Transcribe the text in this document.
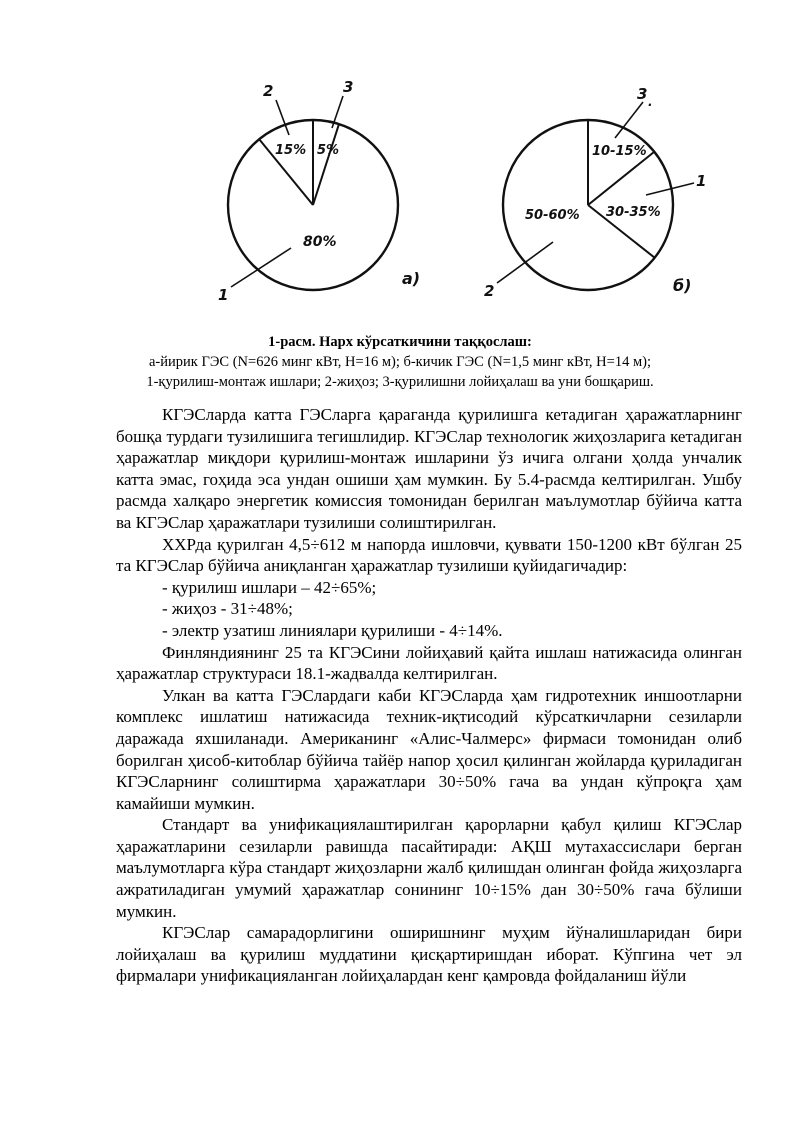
15% 5%
80%
2	3
1
а)
10-15%
30-35%
50-60%
3 .
1
2	б)
1-расм. Нарх кўрсаткичини таққослаш:
а-йирик ГЭС (N=626 минг кВт, H=16 м); б-кичик ГЭС (N=1,5 минг кВт, H=14 м);
1-қурилиш-монтаж ишлари; 2-жиҳоз; 3-қурилишни лойиҳалаш ва уни бошқариш.

КГЭСларда катта ГЭСларга қараганда қурилишга кетадиган ҳаражатларнинг бошқа турдаги тузилишига тегишлидир. КГЭСлар технологик жиҳозларига кетадиган ҳаражатлар миқдори қурилиш-монтаж ишларини ўз ичига олгани ҳолда унчалик катта эмас, гоҳида эса ундан ошиши ҳам мумкин. Бу 5.4-расмда келтирилган. Ушбу расмда халқаро энергетик комиссия томонидан берилган маълумотлар бўйича катта ва КГЭСлар ҳаражатлари тузилиши солиштирилган.

ХХРда қурилган 4,5÷612 м напорда ишловчи, қуввати 150-1200 кВт бўлган 25 та КГЭСлар бўйича аниқланган ҳаражатлар тузилиши қуйидагичадир:

- қурилиш ишлари – 42÷65%;

- жиҳоз - 31÷48%;

- электр узатиш линиялари қурилиши - 4÷14%.

Финляндиянинг 25 та КГЭСини лойиҳавий қайта ишлаш натижасида олинган ҳаражатлар структураси 18.1-жадвалда келтирилган.

Улкан ва катта ГЭСлардаги каби КГЭСларда ҳам гидротехник иншоотларни комплекс ишлатиш натижасида техник-иқтисодий кўрсаткичларни сезиларли даражада яхшиланади. Американинг «Алис-Чалмерс» фирмаси томонидан олиб борилган ҳисоб-китоблар бўйича тайёр напор ҳосил қилинган жойларда қуриладиган КГЭСларнинг солиштирма ҳаражатлари 30÷50% гача ва ундан кўпроқга ҳам камайиши мумкин.

Стандарт ва унификациялаштирилган қарорларни қабул қилиш КГЭСлар ҳаражатларини сезиларли равишда пасайтиради: АҚШ мутахассислари берган маълумотларга кўра стандарт жиҳозларни жалб қилишдан олинган фойда жиҳозларга ажратиладиган умумий ҳаражатлар сонининг 10÷15% дан 30÷50% гача бўлиши мумкин.

КГЭСлар самарадорлигини оширишнинг муҳим йўналишларидан бири лойиҳалаш ва қурилиш муддатини қисқартиришдан иборат. Кўпгина чет эл фирмалари унификацияланган лойиҳалардан кенг қамровда фойдаланиш йўли
